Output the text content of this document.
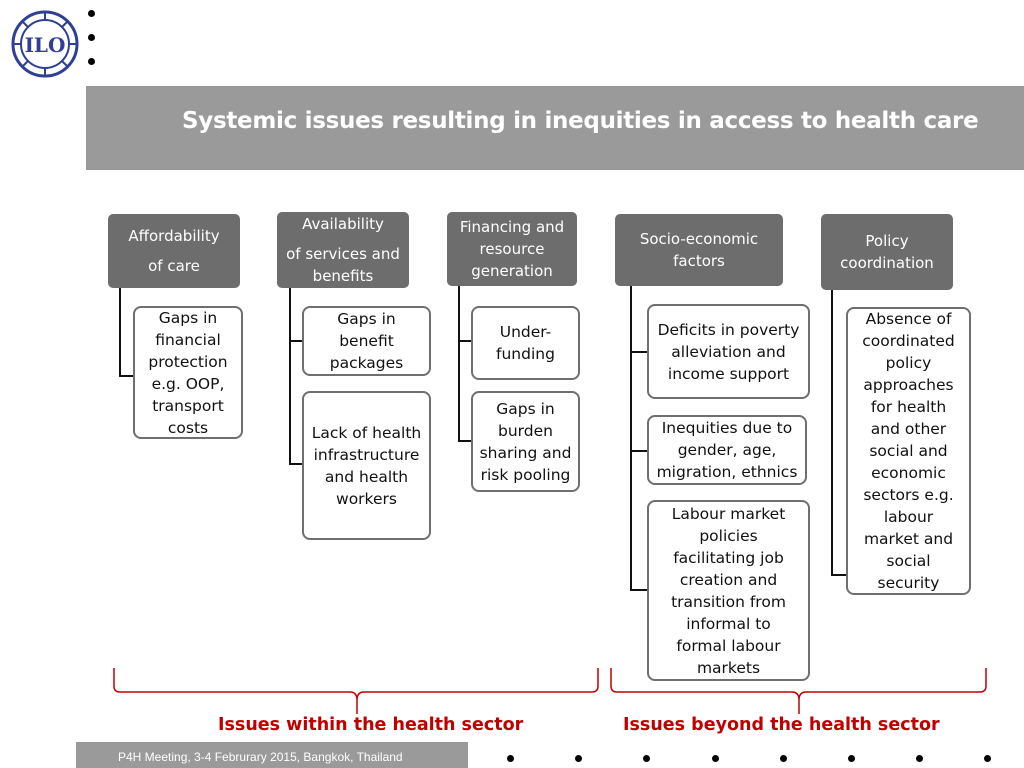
ILO
Systemic issues resulting in inequities in access to health care
Affordability
of care
Availability
of services and
benefits
Financing and
resource
generation
Socio-economic
factors
Policy
coordination
Gaps in
financial
protection
e.g. OOP,
transport
costs
Gaps in
benefit
packages
Lack of health
infrastructure
and health
workers
Under-
funding
Gaps in
burden
sharing and
risk pooling
Deficits in poverty
alleviation and
income support
Inequities due to
gender, age,
migration, ethnics
Labour market
policies
facilitating job
creation and
transition from
informal to
formal labour
markets
Absence of
coordinated
policy
approaches
for health
and other
social and
economic
sectors e.g.
labour
market and
social
security
Issues within the health sector	Issues beyond the health sector
P4H Meeting, 3-4 Februrary 2015, Bangkok, Thailand
